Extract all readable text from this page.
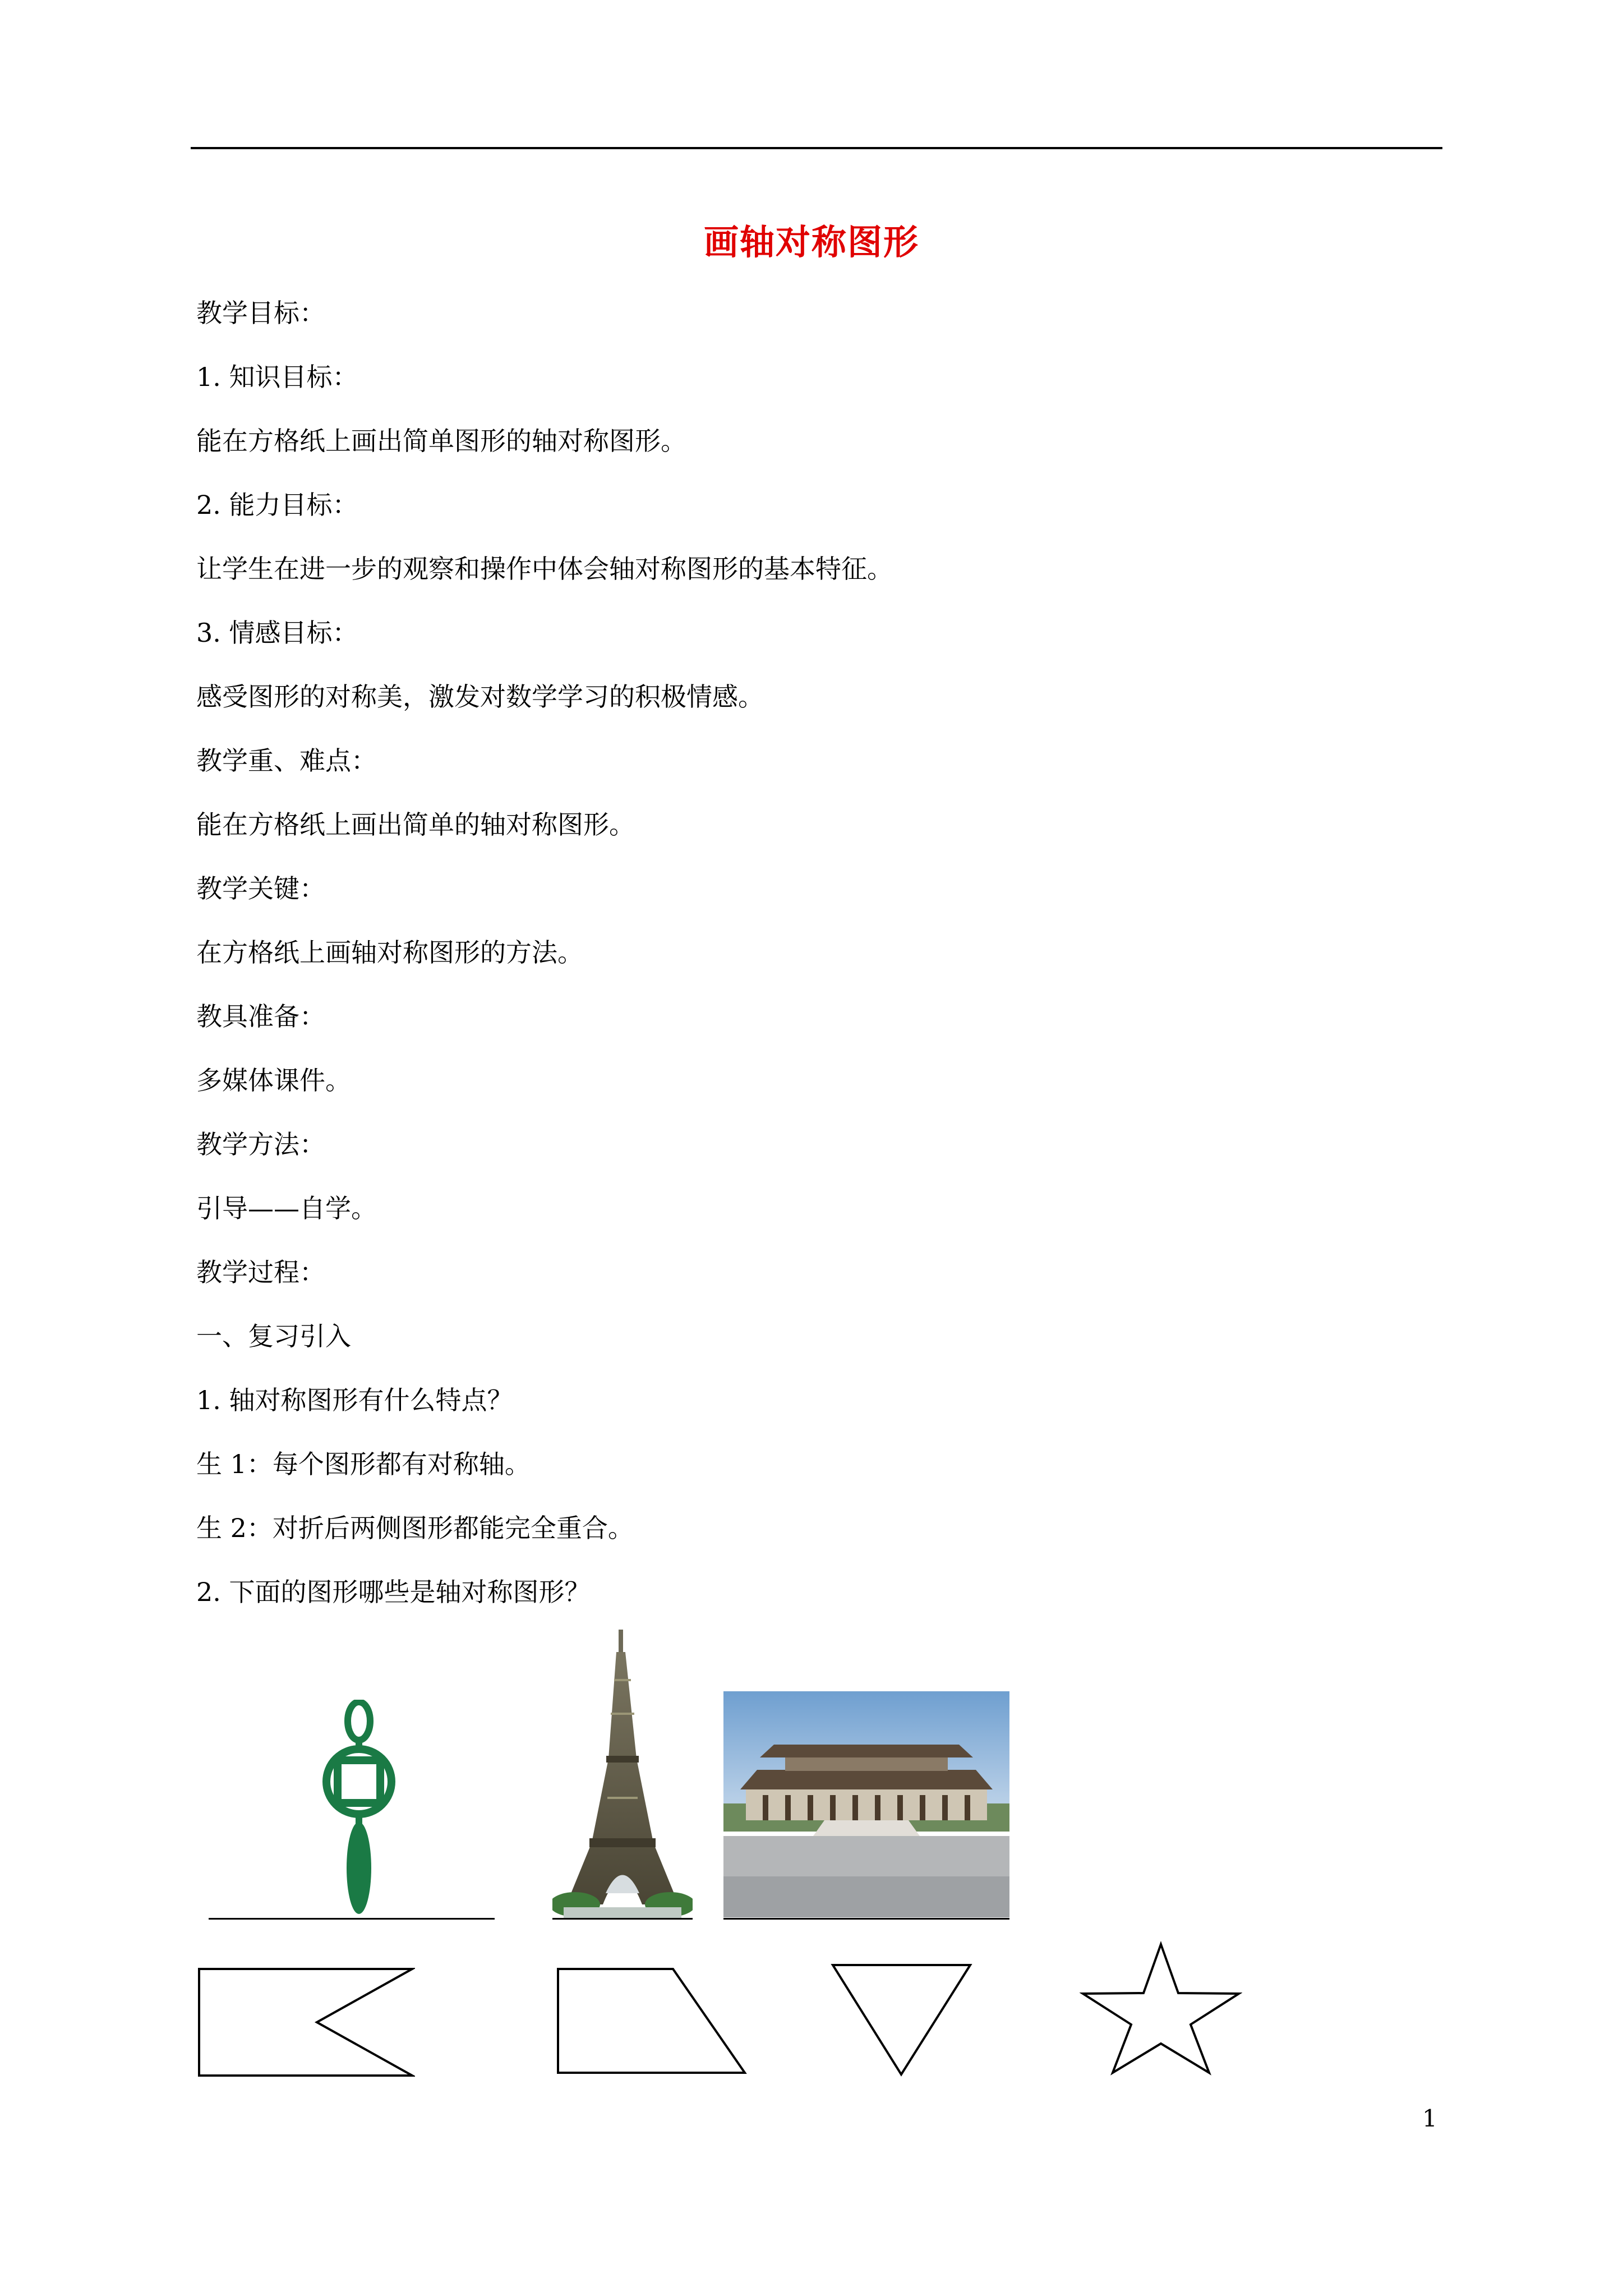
画轴对称图形
教学目标：
1. 知识目标：
能在方格纸上画出简单图形的轴对称图形。
2. 能力目标：
让学生在进一步的观察和操作中体会轴对称图形的基本特征。
3. 情感目标：
感受图形的对称美，激发对数学学习的积极情感。
教学重、难点：
能在方格纸上画出简单的轴对称图形。
教学关键：
在方格纸上画轴对称图形的方法。
教具准备：
多媒体课件。
教学方法：
引导——自学。
教学过程：
一、复习引入
1. 轴对称图形有什么特点？
生 1：每个图形都有对称轴。
生 2：对折后两侧图形都能完全重合。
2. 下面的图形哪些是轴对称图形？
1
